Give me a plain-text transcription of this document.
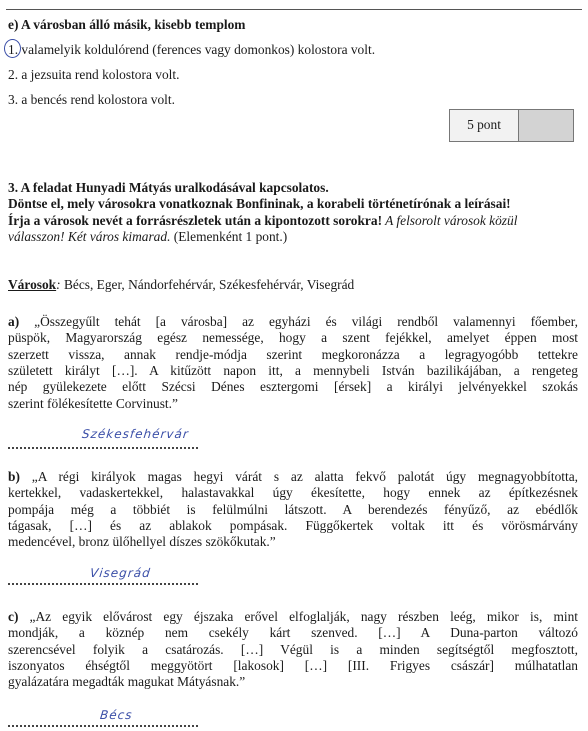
e) A városban álló másik, kisebb templom
1. valamelyik koldulórend (ferences vagy domonkos) kolostora volt.
2. a jezsuita rend kolostora volt.
3. a bencés rend kolostora volt.
5 pont
3. A feladat Hunyadi Mátyás uralkodásával kapcsolatos.
Döntse el, mely városokra vonatkoznak Bonfininak, a korabeli történetírónak a leírásai!
Írja a városok nevét a forrásrészletek után a kipontozott sorokra! A felsorolt városok közül
válasszon! Két város kimarad. (Elemenként 1 pont.)
Városok: Bécs, Eger, Nándorfehérvár, Székesfehérvár, Visegrád
a) „Összegyűlt tehát [a városba] az egyházi és világi rendből valamennyi főember,
püspök, Magyarország egész nemessége, hogy a szent fejékkel, amelyet éppen most
szerzett vissza, annak rendje-módja szerint megkoronázza a legragyogóbb tettekre
született királyt […]. A kitűzött napon itt, a mennybeli István bazilikájában, a rengeteg
nép gyülekezete előtt Szécsi Dénes esztergomi [érsek] a királyi jelvényekkel szokás
szerint fölékesítette Corvinust.”
Székesfehérvár
b) „A régi királyok magas hegyi várát s az alatta fekvő palotát úgy megnagyobbította,
kertekkel, vadaskertekkel, halastavakkal úgy ékesítette, hogy ennek az építkezésnek
pompája még a többiét is felülmúlni látszott. A berendezés fényűző, az ebédlők
tágasak, […] és az ablakok pompásak. Függőkertek voltak itt és vörösmárvány
medencével, bronz ülőhellyel díszes szökőkutak.”
Visegrád
c) „Az egyik elővárost egy éjszaka erővel elfoglalják, nagy részben leég, mikor is, mint
mondják, a köznép nem csekély kárt szenved. […] A Duna-parton változó
szerencsével folyik a csatározás. […] Végül is a minden segítségtől megfosztott,
iszonyatos éhségtől meggyötört [lakosok] […] [III. Frigyes császár] múlhatatlan
gyalázatára megadták magukat Mátyásnak.”
Bécs
